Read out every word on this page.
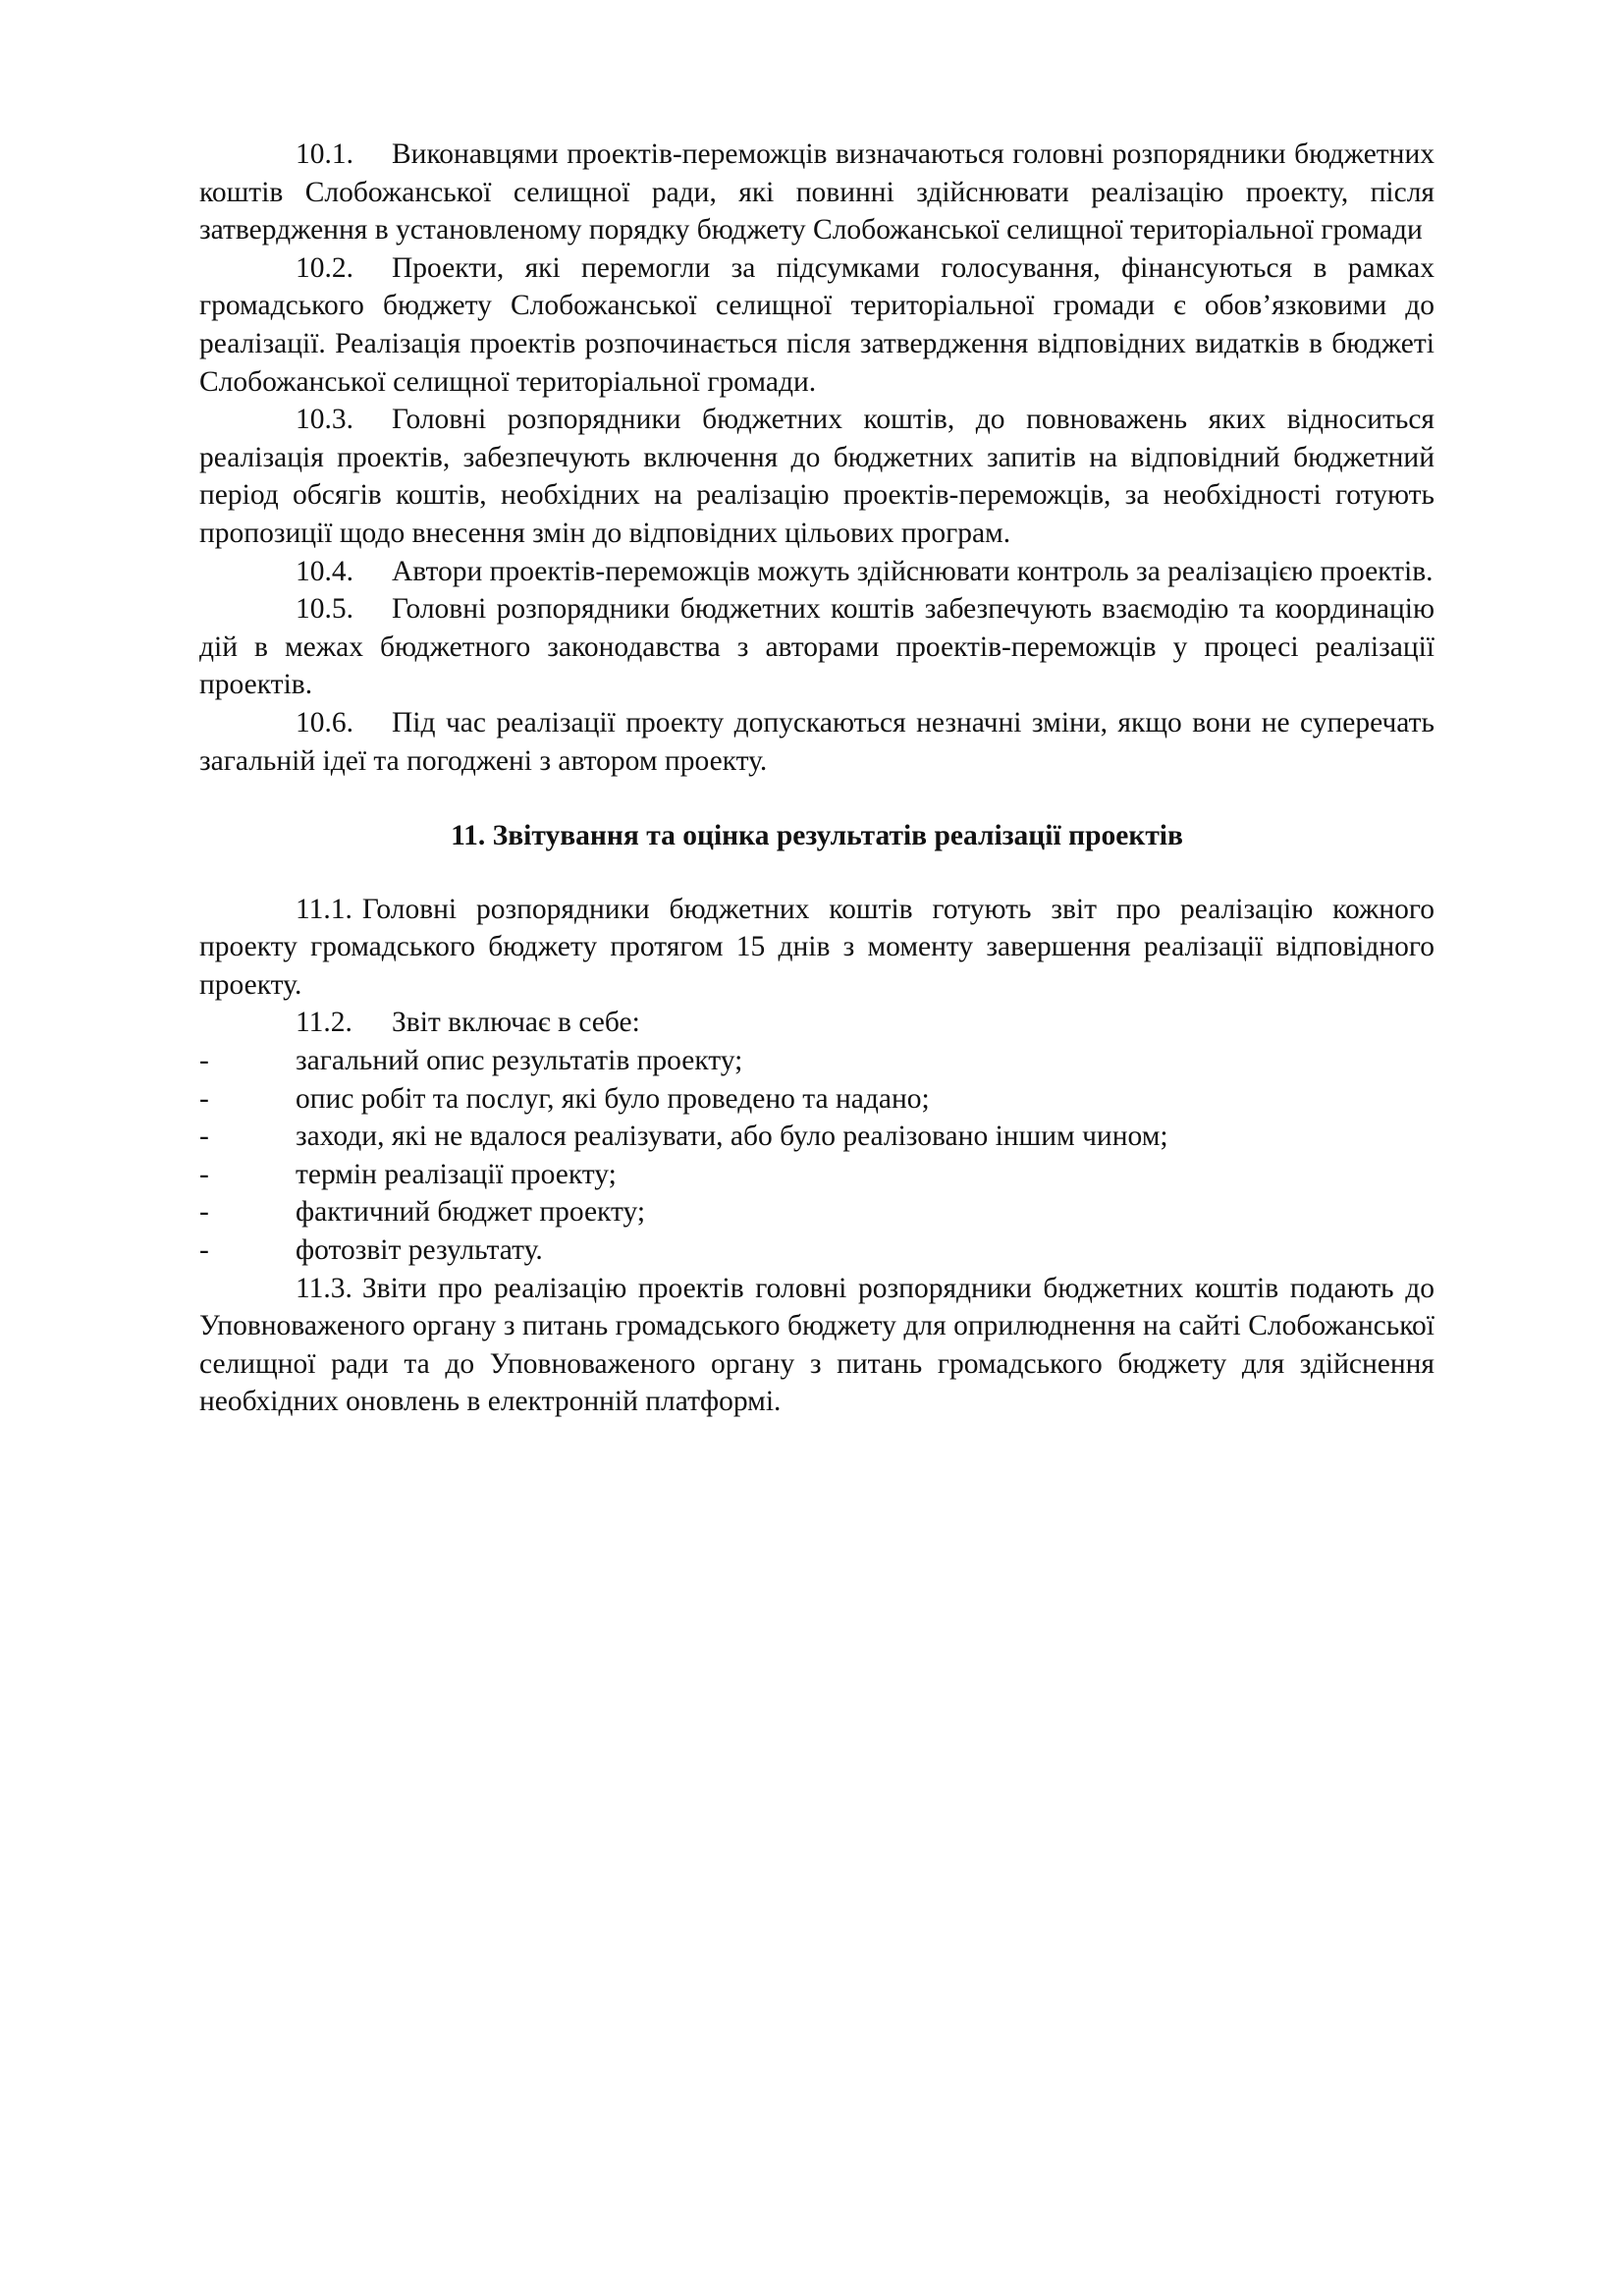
10.1. Виконавцями проектів-переможців визначаються головні розпорядники бюджетних коштів Слобожанської селищної ради, які повинні здійснювати реалізацію проекту, після затвердження в установленому порядку бюджету Слобожанської селищної територіальної громади

10.2. Проекти, які перемогли за підсумками голосування, фінансуються в рамках громадського бюджету Слобожанської селищної територіальної громади є обов’язковими до реалізації. Реалізація проектів розпочинається після затвердження відповідних видатків в бюджеті Слобожанської селищної територіальної громади.

10.3. Головні розпорядники бюджетних коштів, до повноважень яких відноситься реалізація проектів, забезпечують включення до бюджетних запитів на відповідний бюджетний період обсягів коштів, необхідних на реалізацію проектів-переможців, за необхідності готують пропозиції щодо внесення змін до відповідних цільових програм.

10.4. Автори проектів-переможців можуть здійснювати контроль за реалізацією проектів.

10.5. Головні розпорядники бюджетних коштів забезпечують взаємодію та координацію дій в межах бюджетного законодавства з авторами проектів-переможців у процесі реалізації проектів.

10.6. Під час реалізації проекту допускаються незначні зміни, якщо вони не суперечать загальній ідеї та погоджені з автором проекту.

11. Звітування та оцінка результатів реалізації проектів

11.1. Головні розпорядники бюджетних коштів готують звіт про реалізацію кожного проекту громадського бюджету протягом 15 днів з моменту завершення реалізації відповідного проекту.

11.2. Звіт включає в себе:

-	загальний опис результатів проекту;
-	опис робіт та послуг, які було проведено та надано;
-	заходи, які не вдалося реалізувати, або було реалізовано іншим чином;
-	термін реалізації проекту;
-	фактичний бюджет проекту;
-	фотозвіт результату.

11.3. Звіти про реалізацію проектів головні розпорядники бюджетних коштів подають до Уповноваженого органу з питань громадського бюджету для оприлюднення на сайті Слобожанської селищної ради та до Уповноваженого органу з питань громадського бюджету для здійснення необхідних оновлень в електронній платформі.
